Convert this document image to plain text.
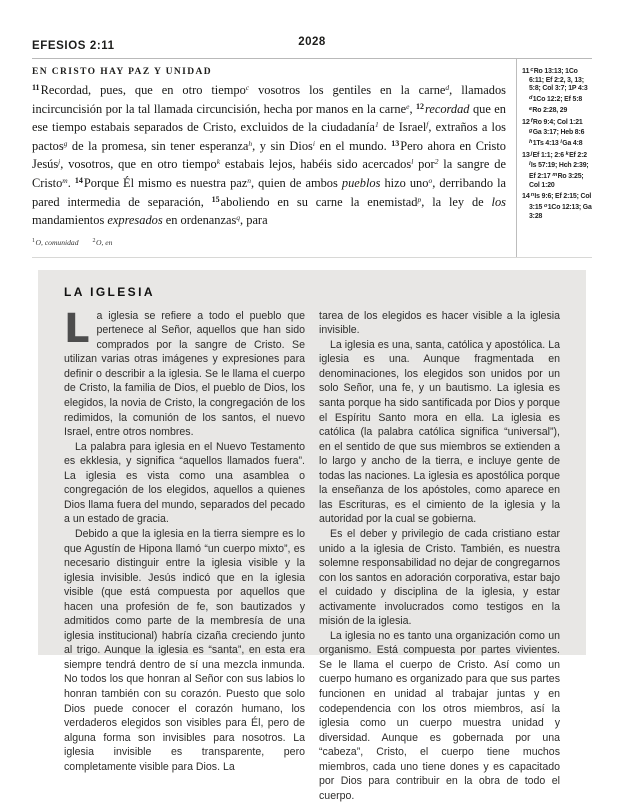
EFESIOS 2:11	2028
EN CRISTO HAY PAZ Y UNIDAD

$^{11}$Recordad, pues, que en otro tiempo$^c$ vosotros los gentiles en la carne$^d$, llamados incircuncisión por la tal llamada circuncisión, hecha por manos en la carne$^e$, $^{12}$recordad que en ese tiempo estabais separados de Cristo, excluidos de la ciudadanía$^1$ de Israel$^f$, extraños a los pactos$^g$ de la promesa, sin tener esperanza$^h$, y sin Dios$^i$ en el mundo. $^{13}$Pero ahora en Cristo Jesús$^j$, vosotros, que en otro tiempo$^k$ estabais lejos, habéis sido acercados$^l$ por$^2$ la sangre de Cristo$^m$. $^{14}$Porque Él mismo es nuestra paz$^n$, quien de ambos pueblos hizo uno$^o$, derribando la pared intermedia de separación, $^{15}$aboliendo en su carne la enemistad$^p$, la ley de los mandamientos expresados en ordenanzas$^q$, para

$^1$O, comunidad $^2$O, en
11$^c$Ro 13:13; 1Co 6:11; Ef 2:2, 3, 13; 5:8; Col 3:7; 1P 4:3 $^d$1Co 12:2; Ef 5:8 $^e$Ro 2:28, 29
12$^f$Ro 9:4; Col 1:21 $^g$Ga 3:17; Heb 8:6 $^h$1Ts 4:13 $^i$Ga 4:8
13$^j$Ef 1:1; 2:6 $^k$Ef 2:2 $^l$Is 57:19; Hch 2:39; Ef 2:17 $^m$Ro 3:25; Col 1:20
14$^n$Is 9:6; Ef 2:15; Col 3:15 $^o$1Co 12:13; Ga 3:28
LA IGLESIA

La iglesia se refiere a todo el pueblo que pertenece al Señor, aquellos que han sido comprados por la sangre de Cristo. Se utilizan varias otras imágenes y expresiones para definir o describir a la iglesia. Se le llama el cuerpo de Cristo, la familia de Dios, el pueblo de Dios, los elegidos, la novia de Cristo, la congregación de los redimidos, la comunión de los santos, el nuevo Israel, entre otros nombres.

La palabra para iglesia en el Nuevo Testamento es ekklesia, y significa “aquellos llamados fuera”. La iglesia es vista como una asamblea o congregación de los elegidos, aquellos a quienes Dios llama fuera del mundo, separados del pecado a un estado de gracia.

Debido a que la iglesia en la tierra siempre es lo que Agustín de Hipona llamó “un cuerpo mixto”, es necesario distinguir entre la iglesia visible y la iglesia invisible. Jesús indicó que en la iglesia visible (que está compuesta por aquellos que hacen una profesión de fe, son bautizados y admitidos como parte de la membresía de una iglesia institucional) habría cizaña creciendo junto al trigo. Aunque la iglesia es “santa”, en esta era siempre tendrá dentro de sí una mezcla inmunda. No todos los que honran al Señor con sus labios lo honran también con su corazón. Puesto que solo Dios puede conocer el corazón humano, los verdaderos elegidos son visibles para Él, pero de alguna forma son invisibles para nosotros. La iglesia invisible es transparente, pero completamente visible para Dios. La

tarea de los elegidos es hacer visible a la iglesia invisible.

La iglesia es una, santa, católica y apostólica. La iglesia es una. Aunque fragmentada en denominaciones, los elegidos son unidos por un solo Señor, una fe, y un bautismo. La iglesia es santa porque ha sido santificada por Dios y porque el Espíritu Santo mora en ella. La iglesia es católica (la palabra católica significa “universal”), en el sentido de que sus miembros se extienden a lo largo y ancho de la tierra, e incluye gente de todas las naciones. La iglesia es apostólica porque la enseñanza de los apóstoles, como aparece en las Escrituras, es el cimiento de la iglesia y la autoridad por la cual se gobierna.

Es el deber y privilegio de cada cristiano estar unido a la iglesia de Cristo. También, es nuestra solemne responsabilidad no dejar de congregarnos con los santos en adoración corporativa, estar bajo el cuidado y disciplina de la iglesia, y estar activamente involucrados como testigos en la misión de la iglesia.

La iglesia no es tanto una organización como un organismo. Está compuesta por partes vivientes. Se le llama el cuerpo de Cristo. Así como un cuerpo humano es organizado para que sus partes funcionen en unidad al trabajar juntas y en codependencia con los otros miembros, así la iglesia como un cuerpo muestra unidad y diversidad. Aunque es gobernada por una “cabeza”, Cristo, el cuerpo tiene muchos miembros, cada uno tiene dones y es capacitado por Dios para contribuir en la obra de todo el cuerpo.
